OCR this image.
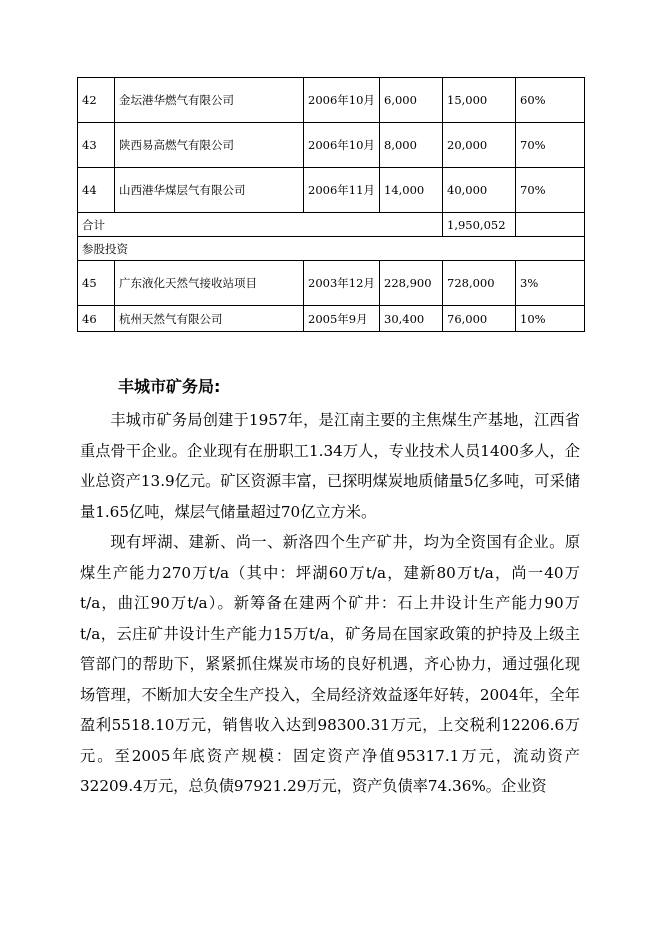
42	金坛港华燃气有限公司	2006年10月	6,000	15,000	60%
43	陕西易高燃气有限公司	2006年10月	8,000	20,000	70%
44	山西港华煤层气有限公司	2006年11月	14,000	40,000	70%
合计				1,950,052	
参股投资					
45	广东液化天然气接收站项目	2003年12月	228,900	728,000	3%
46	杭州天然气有限公司	2005年9月	30,400	76,000	10%
丰城市矿务局:

丰城市矿务局创建于1957年，是江南主要的主焦煤生产基地，江西省重点骨干企业。企业现有在册职工1.34万人，专业技术人员1400多人，企业总资产13.9亿元。矿区资源丰富，已探明煤炭地质储量5亿多吨，可采储量1.65亿吨，煤层气储量超过70亿立方米。

现有坪湖、建新、尚一、新洛四个生产矿井，均为全资国有企业。原煤生产能力270万t/a（其中：坪湖60万t/a，建新80万t/a，尚一40万t/a，曲江90万t/a）。新筹备在建两个矿井：石上井设计生产能力90万t/a，云庄矿井设计生产能力15万t/a，矿务局在国家政策的护持及上级主管部门的帮助下，紧紧抓住煤炭市场的良好机遇，齐心协力，通过强化现场管理，不断加大安全生产投入，全局经济效益逐年好转，2004年，全年盈利5518.10万元，销售收入达到98300.31万元，上交税利12206.6万元。至2005年底资产规模：固定资产净值95317.1万元，流动资产32209.4万元，总负债97921.29万元，资产负债率74.36%。企业资
